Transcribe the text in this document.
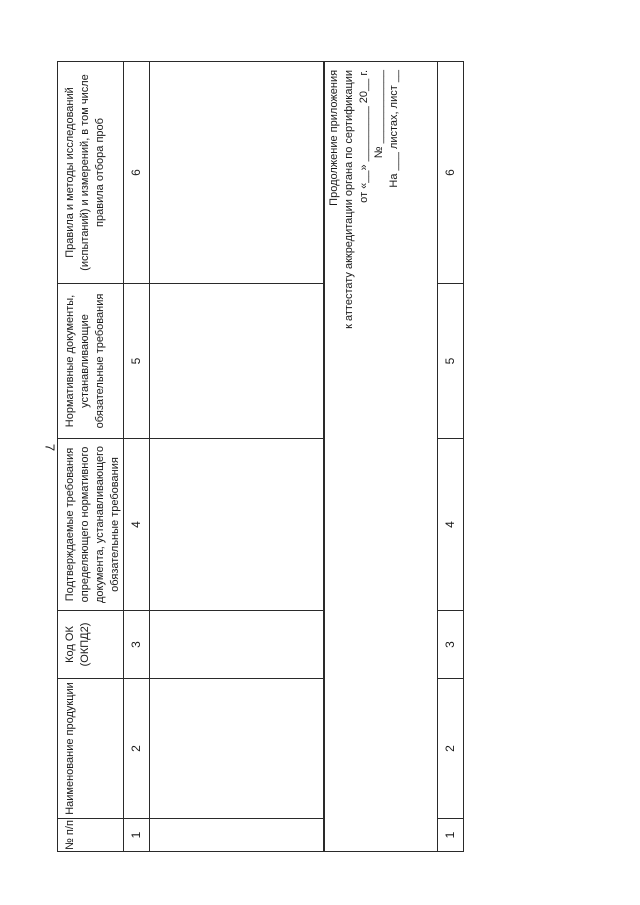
7
№ п/п	Наименование продукции	Код ОК (ОКПД2)	Подтверждаемые требования определяющего нормативного документа, устанавливающего обязательные требования	Нормативные документы, устанавливающие обязательные требования	Правила и методы исследований (испытаний) и измерений, в том числе правила отбора проб
1	2	3	4	5	6
						Продолжение приложения к аттестату аккредитации органа по сертификации от «__» _________ 20__ г. № ____________ На ___ листах, лист __

1	2	3	4	5	6
